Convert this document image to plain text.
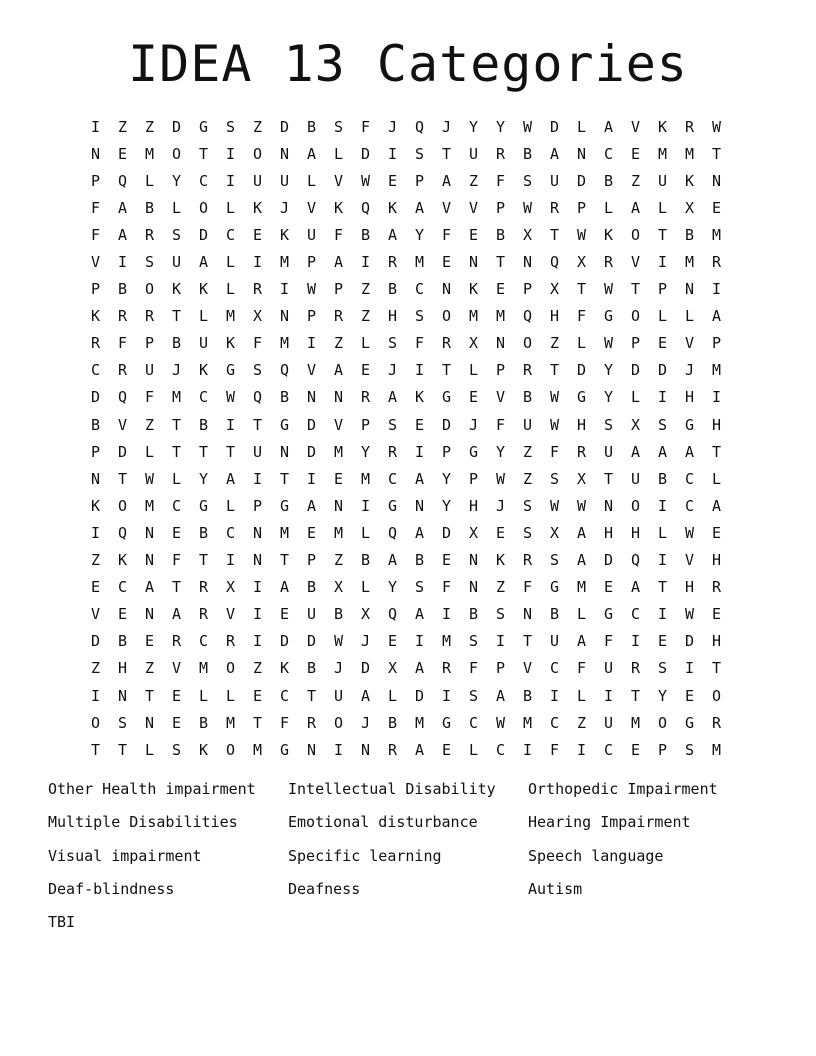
IDEA 13 Categories
I	Z	Z	D	G	S	Z	D	B	S	F	J	Q	J	Y	Y	W	D	L	A	V	K	R	W
N	E	M	O	T	I	O	N	A	L	D	I	S	T	U	R	B	A	N	C	E	M	M	T
P	Q	L	Y	C	I	U	U	L	V	W	E	P	A	Z	F	S	U	D	B	Z	U	K	N
F	A	B	L	O	L	K	J	V	K	Q	K	A	V	V	P	W	R	P	L	A	L	X	E
F	A	R	S	D	C	E	K	U	F	B	A	Y	F	E	B	X	T	W	K	O	T	B	M
V	I	S	U	A	L	I	M	P	A	I	R	M	E	N	T	N	Q	X	R	V	I	M	R
P	B	O	K	K	L	R	I	W	P	Z	B	C	N	K	E	P	X	T	W	T	P	N	I
K	R	R	T	L	M	X	N	P	R	Z	H	S	O	M	M	Q	H	F	G	O	L	L	A
R	F	P	B	U	K	F	M	I	Z	L	S	F	R	X	N	O	Z	L	W	P	E	V	P
C	R	U	J	K	G	S	Q	V	A	E	J	I	T	L	P	R	T	D	Y	D	D	J	M
D	Q	F	M	C	W	Q	B	N	N	R	A	K	G	E	V	B	W	G	Y	L	I	H	I
B	V	Z	T	B	I	T	G	D	V	P	S	E	D	J	F	U	W	H	S	X	S	G	H
P	D	L	T	T	T	U	N	D	M	Y	R	I	P	G	Y	Z	F	R	U	A	A	A	T
N	T	W	L	Y	A	I	T	I	E	M	C	A	Y	P	W	Z	S	X	T	U	B	C	L
K	O	M	C	G	L	P	G	A	N	I	G	N	Y	H	J	S	W	W	N	O	I	C	A
I	Q	N	E	B	C	N	M	E	M	L	Q	A	D	X	E	S	X	A	H	H	L	W	E
Z	K	N	F	T	I	N	T	P	Z	B	A	B	E	N	K	R	S	A	D	Q	I	V	H
E	C	A	T	R	X	I	A	B	X	L	Y	S	F	N	Z	F	G	M	E	A	T	H	R
V	E	N	A	R	V	I	E	U	B	X	Q	A	I	B	S	N	B	L	G	C	I	W	E
D	B	E	R	C	R	I	D	D	W	J	E	I	M	S	I	T	U	A	F	I	E	D	H
Z	H	Z	V	M	O	Z	K	B	J	D	X	A	R	F	P	V	C	F	U	R	S	I	T
I	N	T	E	L	L	E	C	T	U	A	L	D	I	S	A	B	I	L	I	T	Y	E	O
O	S	N	E	B	M	T	F	R	O	J	B	M	G	C	W	M	C	Z	U	M	O	G	R
T	T	L	S	K	O	M	G	N	I	N	R	A	E	L	C	I	F	I	C	E	P	S	M
Other Health impairment	Intellectual Disability	Orthopedic Impairment
Multiple Disabilities	Emotional disturbance	Hearing Impairment
Visual impairment	Specific learning	Speech language
Deaf-blindness	Deafness	Autism
TBI
